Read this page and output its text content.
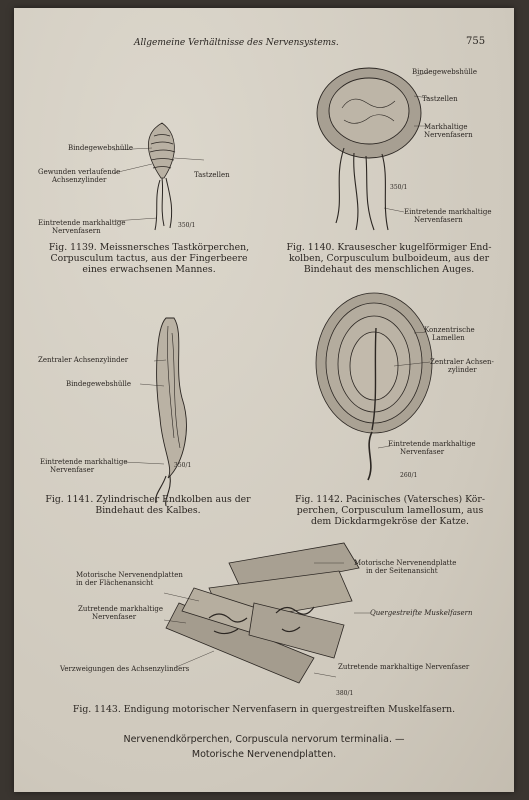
Allgemeine Verhältnisse des Nervensystems.	755
Bindegewebshülle
Gewunden verlaufende
Achsenzylinder
Tastzellen
Eintretende markhaltige
Nervenfasern
350/1
Fig. 1139. Meissnersches Tastkörperchen,
Corpusculum tactus, aus der Fingerbeere
eines erwachsenen Mannes.
Bindegewebshülle
Tastzellen
Markhaltige
Nervenfasern
Eintretende markhaltige
Nervenfasern
350/1
Fig. 1140. Krausescher kugelförmiger End-
kolben, Corpusculum bulboideum, aus der
Bindehaut des menschlichen Auges.
Zentraler Achsenzylinder
Bindegewebshülle
Eintretende markhaltige
Nervenfaser
350/1
Fig. 1141. Zylindrischer Endkolben aus der
Bindehaut des Kalbes.
Konzentrische
Lamellen
Zentraler Achsen-
zylinder
Eintretende markhaltige
Nervenfaser
260/1
Fig. 1142. Pacinisches (Vatersches) Kör-
perchen, Corpusculum lamellosum, aus
dem Dickdarmgekröse der Katze.
Motorische Nervenendplatten
in der Flächenansicht
Motorische Nervenendplatte
in der Seitenansicht
Quergestreifte Muskelfasern
Zutretende markhaltige
Nervenfaser
Verzweigungen des Achsenzylinders	Zutretende markhaltige Nervenfaser
380/1
Fig. 1143. Endigung motorischer Nervenfasern in quergestreiften Muskelfasern.
Nervenendkörperchen, Corpuscula nervorum terminalia. —
Motorische Nervenendplatten.
